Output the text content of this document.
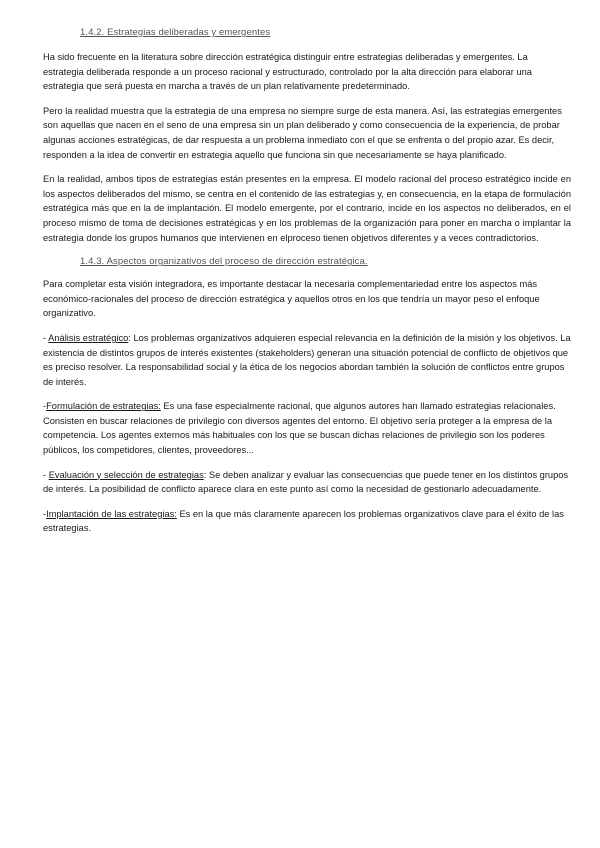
1.4.2. Estrategias deliberadas y emergentes

Ha sido frecuente en la literatura sobre dirección estratégica distinguir entre estrategias deliberadas y emergentes. La estrategia deliberada responde a un proceso racional y estructurado, controlado por la alta dirección para elaborar una estrategia que será puesta en marcha a través de un plan relativamente predeterminado.

Pero la realidad muestra que la estrategia de una empresa no siempre surge de esta manera. Así, las estrategias emergentes son aquellas que nacen en el seno de una empresa sin un plan deliberado y como consecuencia de la experiencia, de probar algunas acciones estratégicas, de dar respuesta a un problema inmediato con el que se enfrenta o del propio azar. Es decir, responden a la idea de convertir en estrategia aquello que funciona sin que necesariamente se haya planificado.

En la realidad, ambos tipos de estrategias están presentes en la empresa. El modelo racional del proceso estratégico incide en los aspectos deliberados del mismo, se centra en el contenido de las estrategias y, en consecuencia, en la etapa de formulación estratégica más que en la de implantación. El modelo emergente, por el contrario, incide en los aspectos no deliberados, en el proceso mismo de toma de decisiones estratégicas y en los problemas de la organización para poner en marcha o implantar la estrategia donde los grupos humanos que intervienen en elproceso tienen objetivos diferentes y a veces contradictorios.

1.4.3. Aspectos organizativos del proceso de dirección estratégica.

Para completar esta visión integradora, es importante destacar la necesaria complementariedad entre los aspectos más económico-racionales del proceso de dirección estratégica y aquellos otros en los que tendría un mayor peso el enfoque organizativo.

- Análisis estratégico: Los problemas organizativos adquieren especial relevancia en la definición de la misión y los objetivos. La existencia de distintos grupos de interés existentes (stakeholders) generan una situación potencial de conflicto de objetivos que es preciso resolver. La responsabilidad social y la ética de los negocios abordan también la solución de conflictos entre grupos de interés.

-Formulación de estrategias: Es una fase especialmente racional, que algunos autores han llamado estrategias relacionales. Consisten en buscar relaciones de privilegio con diversos agentes del entorno. El objetivo sería proteger a la empresa de la competencia. Los agentes externos más habituales con los que se buscan dichas relaciones de privilegio son los poderes públicos, los competidores, clientes, proveedores...

- Evaluación y selección de estrategias: Se deben analizar y evaluar las consecuencias que puede tener en los distintos grupos de interés. La posibilidad de conflicto aparece clara en este punto así como la necesidad de gestionarlo adecuadamente.

-Implantación de las estrategias: Es en la que más claramente aparecen los problemas organizativos clave para el éxito de las estrategias.
